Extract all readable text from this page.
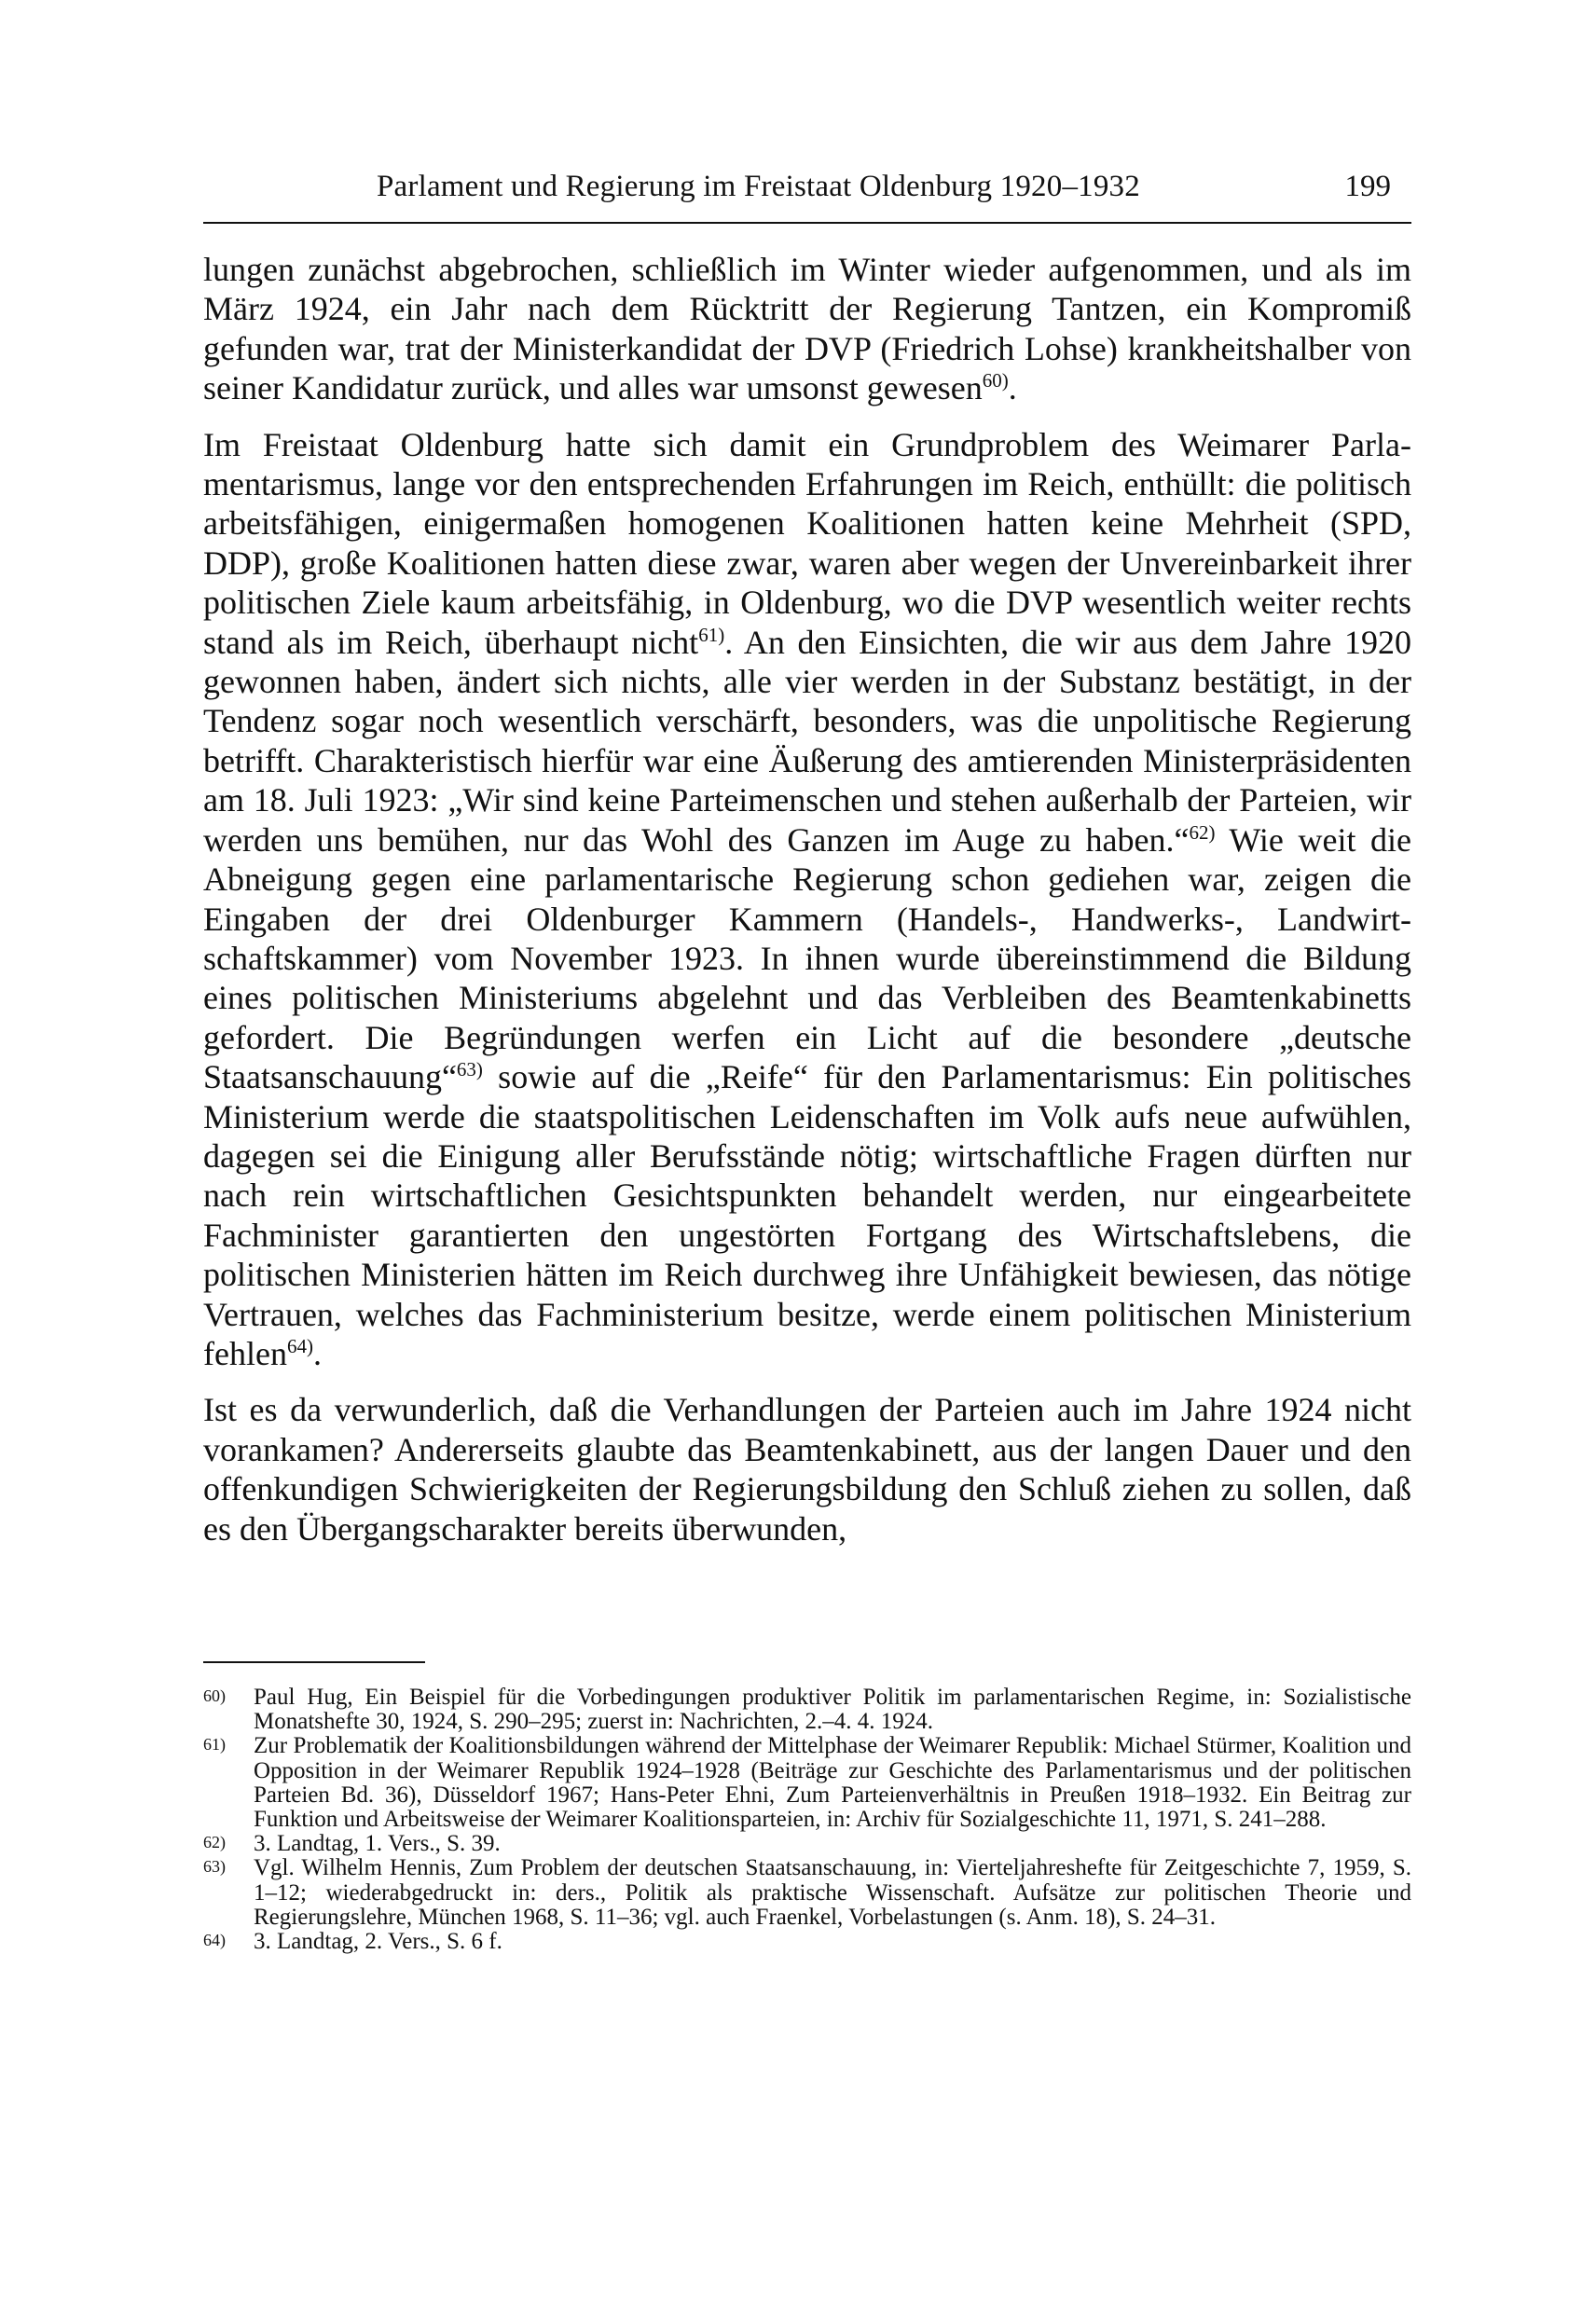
Parlament und Regierung im Freistaat Oldenburg 1920–1932	199

lungen zunächst abgebrochen, schließlich im Winter wieder aufgenommen, und als im März 1924, ein Jahr nach dem Rücktritt der Regierung Tantzen, ein Kompromiß gefunden war, trat der Ministerkandidat der DVP (Friedrich Lohse) krankheitshalber von seiner Kandidatur zurück, und alles war umsonst gewesen$^{60)}$.

Im Freistaat Oldenburg hatte sich damit ein Grundproblem des Weimarer Parlamentarismus, lange vor den entsprechenden Erfahrungen im Reich, enthüllt: die politisch arbeitsfähigen, einigermaßen homogenen Koalitionen hatten keine Mehrheit (SPD, DDP), große Koalitionen hatten diese zwar, waren aber wegen der Unvereinbarkeit ihrer politischen Ziele kaum arbeitsfähig, in Oldenburg, wo die DVP wesentlich weiter rechts stand als im Reich, überhaupt nicht$^{61)}$. An den Einsichten, die wir aus dem Jahre 1920 gewonnen haben, ändert sich nichts, alle vier werden in der Substanz bestätigt, in der Tendenz sogar noch wesentlich verschärft, besonders, was die unpolitische Regierung betrifft. Charakteristisch hierfür war eine Äußerung des amtierenden Ministerpräsidenten am 18. Juli 1923: „Wir sind keine Parteimenschen und stehen außerhalb der Parteien, wir werden uns bemühen, nur das Wohl des Ganzen im Auge zu haben.“$^{62)}$ Wie weit die Abneigung gegen eine parlamentarische Regierung schon gediehen war, zeigen die Eingaben der drei Oldenburger Kammern (Handels-, Handwerks-, Landwirtschaftskammer) vom November 1923. In ihnen wurde übereinstimmend die Bildung eines politischen Ministeriums abgelehnt und das Verbleiben des Beamtenkabinetts gefordert. Die Begründungen werfen ein Licht auf die besondere „deutsche Staatsanschauung“$^{63)}$ sowie auf die „Reife“ für den Parlamentarismus: Ein politisches Ministerium werde die staatspolitischen Leidenschaften im Volk aufs neue aufwühlen, dagegen sei die Einigung aller Berufsstände nötig; wirtschaftliche Fragen dürften nur nach rein wirtschaftlichen Gesichtspunkten behandelt werden, nur eingearbeitete Fachminister garantierten den ungestörten Fortgang des Wirtschaftslebens, die politischen Ministerien hätten im Reich durchweg ihre Unfähigkeit bewiesen, das nötige Vertrauen, welches das Fachministerium besitze, werde einem politischen Ministerium fehlen$^{64)}$.

Ist es da verwunderlich, daß die Verhandlungen der Parteien auch im Jahre 1924 nicht vorankamen? Andererseits glaubte das Beamtenkabinett, aus der langen Dauer und den offenkundigen Schwierigkeiten der Regierungsbildung den Schluß ziehen zu sollen, daß es den Übergangscharakter bereits überwunden,

60) Paul Hug, Ein Beispiel für die Vorbedingungen produktiver Politik im parlamentarischen Regime, in: Sozialistische Monatshefte 30, 1924, S. 290–295; zuerst in: Nachrichten, 2.–4. 4. 1924.
61) Zur Problematik der Koalitionsbildungen während der Mittelphase der Weimarer Republik: Michael Stürmer, Koalition und Opposition in der Weimarer Republik 1924–1928 (Beiträge zur Geschichte des Parlamentarismus und der politischen Parteien Bd. 36), Düsseldorf 1967; Hans-Peter Ehni, Zum Parteienverhältnis in Preußen 1918–1932. Ein Beitrag zur Funktion und Arbeitsweise der Weimarer Koalitionsparteien, in: Archiv für Sozialgeschichte 11, 1971, S. 241–288.
62) 3. Landtag, 1. Vers., S. 39.
63) Vgl. Wilhelm Hennis, Zum Problem der deutschen Staatsanschauung, in: Vierteljahreshefte für Zeitgeschichte 7, 1959, S. 1–12; wiederabgedruckt in: ders., Politik als praktische Wissenschaft. Aufsätze zur politischen Theorie und Regierungslehre, München 1968, S. 11–36; vgl. auch Fraenkel, Vorbelastungen (s. Anm. 18), S. 24–31.
64) 3. Landtag, 2. Vers., S. 6 f.
